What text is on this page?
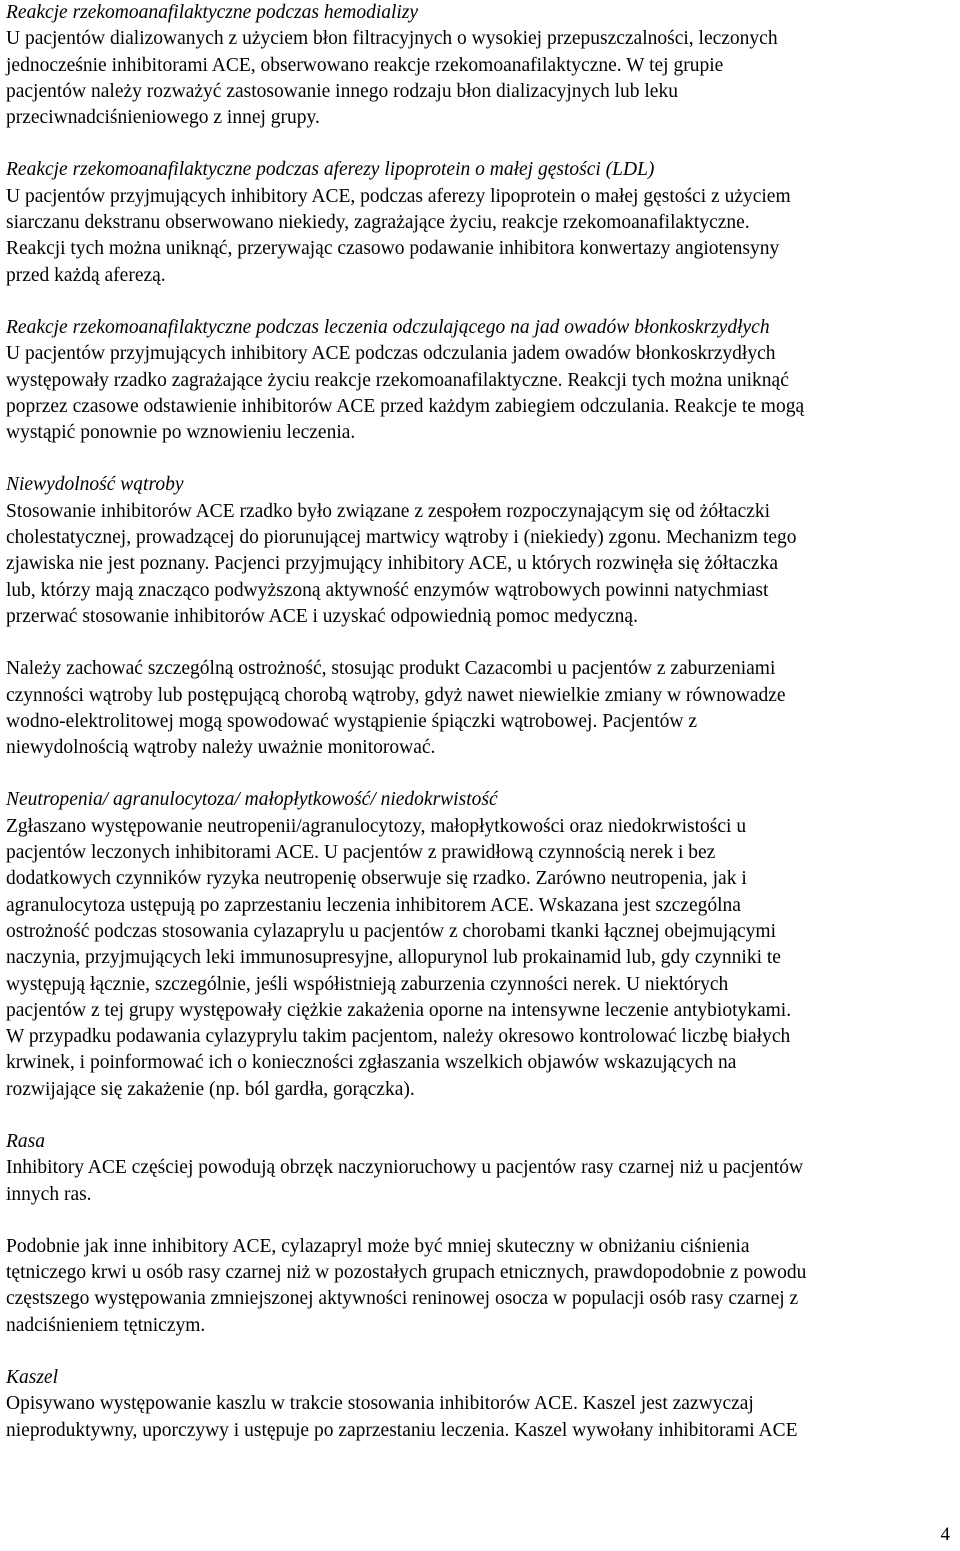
Reakcje rzekomoanafilaktyczne podczas hemodializy

U pacjentów dializowanych z użyciem błon filtracyjnych o wysokiej przepuszczalności, leczonych
jednocześnie inhibitorami ACE, obserwowano reakcje rzekomoanafilaktyczne. W tej grupie
pacjentów należy rozważyć zastosowanie innego rodzaju błon dializacyjnych lub leku
przeciwnadciśnieniowego z innej grupy.

Reakcje rzekomoanafilaktyczne podczas aferezy lipoprotein o małej gęstości (LDL)

U pacjentów przyjmujących inhibitory ACE, podczas aferezy lipoprotein o małej gęstości z użyciem
siarczanu dekstranu obserwowano niekiedy, zagrażające życiu, reakcje rzekomoanafilaktyczne.
Reakcji tych można uniknąć, przerywając czasowo podawanie inhibitora konwertazy angiotensyny
przed każdą aferezą.

Reakcje rzekomoanafilaktyczne podczas leczenia odczulającego na jad owadów błonkoskrzydłych

U pacjentów przyjmujących inhibitory ACE podczas odczulania jadem owadów błonkoskrzydłych
występowały rzadko zagrażające życiu reakcje rzekomoanafilaktyczne. Reakcji tych można uniknąć
poprzez czasowe odstawienie inhibitorów ACE przed każdym zabiegiem odczulania. Reakcje te mogą
wystąpić ponownie po wznowieniu leczenia.

Niewydolność wątroby

Stosowanie inhibitorów ACE rzadko było związane z zespołem rozpoczynającym się od żółtaczki
cholestatycznej, prowadzącej do piorunującej martwicy wątroby i (niekiedy) zgonu. Mechanizm tego
zjawiska nie jest poznany. Pacjenci przyjmujący inhibitory ACE, u których rozwinęła się żółtaczka
lub, którzy mają znacząco podwyższoną aktywność enzymów wątrobowych powinni natychmiast
przerwać stosowanie inhibitorów ACE i uzyskać odpowiednią pomoc medyczną.

Należy zachować szczególną ostrożność, stosując produkt Cazacombi u pacjentów z zaburzeniami
czynności wątroby lub postępującą chorobą wątroby, gdyż nawet niewielkie zmiany w równowadze
wodno-elektrolitowej mogą spowodować wystąpienie śpiączki wątrobowej. Pacjentów z
niewydolnością wątroby należy uważnie monitorować.

Neutropenia/ agranulocytoza/ małopłytkowość/ niedokrwistość

Zgłaszano występowanie neutropenii/agranulocytozy, małopłytkowości oraz niedokrwistości u
pacjentów leczonych inhibitorami ACE. U pacjentów z prawidłową czynnością nerek i bez
dodatkowych czynników ryzyka neutropenię obserwuje się rzadko. Zarówno neutropenia, jak i
agranulocytoza ustępują po zaprzestaniu leczenia inhibitorem ACE. Wskazana jest szczególna
ostrożność podczas stosowania cylazaprylu u pacjentów z chorobami tkanki łącznej obejmującymi
naczynia, przyjmujących leki immunosupresyjne, allopurynol lub prokainamid lub, gdy czynniki te
występują łącznie, szczególnie, jeśli współistnieją zaburzenia czynności nerek. U niektórych
pacjentów z tej grupy występowały ciężkie zakażenia oporne na intensywne leczenie antybiotykami.
W przypadku podawania cylazyprylu takim pacjentom, należy okresowo kontrolować liczbę białych
krwinek, i poinformować ich o konieczności zgłaszania wszelkich objawów wskazujących na
rozwijające się zakażenie (np. ból gardła, gorączka).

Rasa

Inhibitory ACE częściej powodują obrzęk naczynioruchowy u pacjentów rasy czarnej niż u pacjentów
innych ras.

Podobnie jak inne inhibitory ACE, cylazapryl może być mniej skuteczny w obniżaniu ciśnienia
tętniczego krwi u osób rasy czarnej niż w pozostałych grupach etnicznych, prawdopodobnie z powodu
częstszego występowania zmniejszonej aktywności reninowej osocza w populacji osób rasy czarnej z
nadciśnieniem tętniczym.

Kaszel

Opisywano występowanie kaszlu w trakcie stosowania inhibitorów ACE. Kaszel jest zazwyczaj
nieproduktywny, uporczywy i ustępuje po zaprzestaniu leczenia. Kaszel wywołany inhibitorami ACE

4
